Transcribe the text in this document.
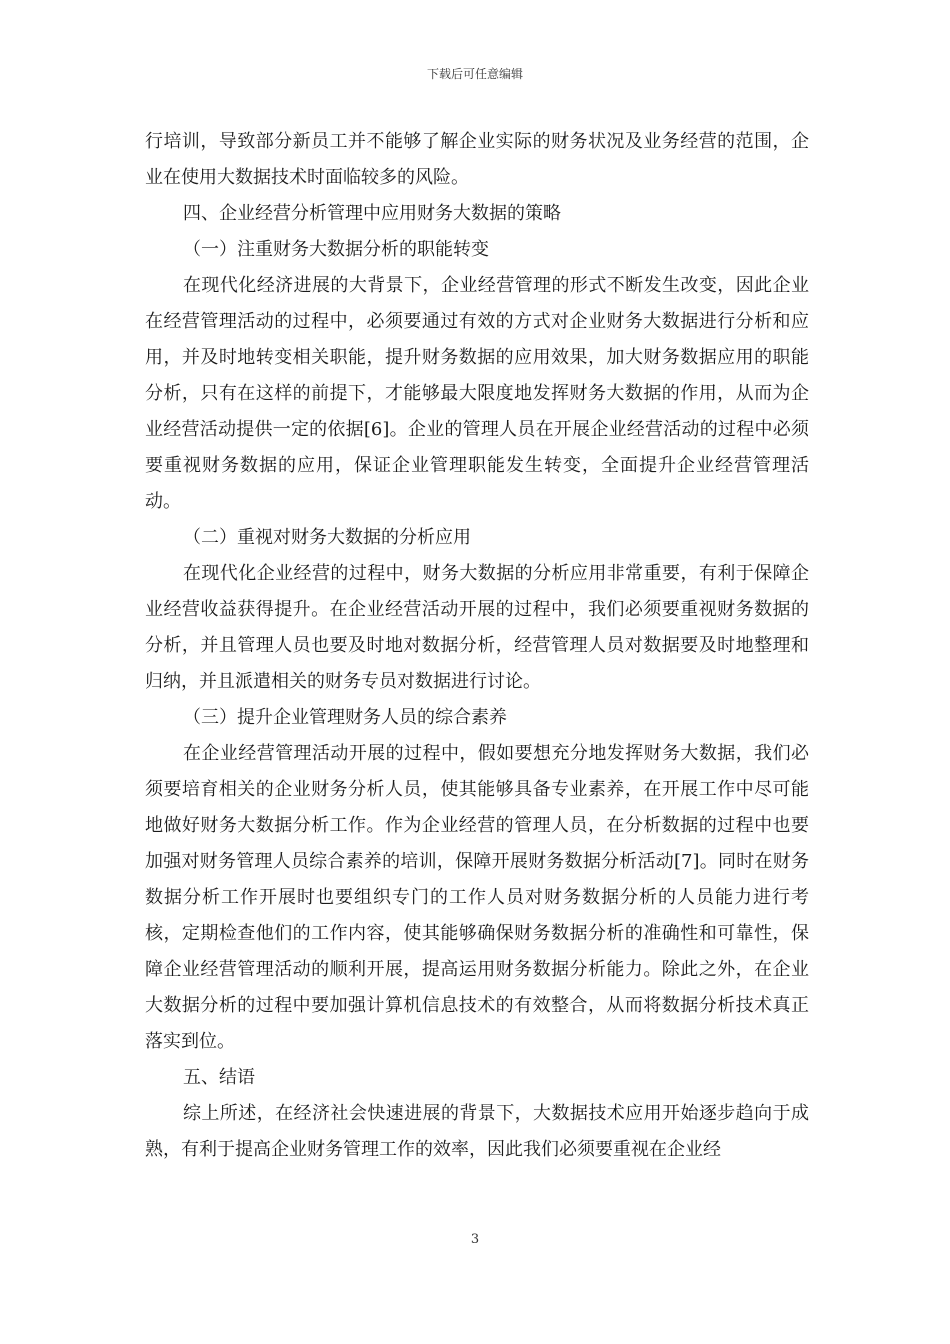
下载后可任意编辑

行培训，导致部分新员工并不能够了解企业实际的财务状况及业务经营的范围，企业在使用大数据技术时面临较多的风险。

四、企业经营分析管理中应用财务大数据的策略

（一）注重财务大数据分析的职能转变

在现代化经济进展的大背景下，企业经营管理的形式不断发生改变，因此企业在经营管理活动的过程中，必须要通过有效的方式对企业财务大数据进行分析和应用，并及时地转变相关职能，提升财务数据的应用效果，加大财务数据应用的职能分析，只有在这样的前提下，才能够最大限度地发挥财务大数据的作用，从而为企业经营活动提供一定的依据[6]。企业的管理人员在开展企业经营活动的过程中必须要重视财务数据的应用，保证企业管理职能发生转变，全面提升企业经营管理活动。

（二）重视对财务大数据的分析应用

在现代化企业经营的过程中，财务大数据的分析应用非常重要，有利于保障企业经营收益获得提升。在企业经营活动开展的过程中，我们必须要重视财务数据的分析，并且管理人员也要及时地对数据分析，经营管理人员对数据要及时地整理和归纳，并且派遣相关的财务专员对数据进行讨论。

（三）提升企业管理财务人员的综合素养

在企业经营管理活动开展的过程中，假如要想充分地发挥财务大数据，我们必须要培育相关的企业财务分析人员，使其能够具备专业素养，在开展工作中尽可能地做好财务大数据分析工作。作为企业经营的管理人员，在分析数据的过程中也要加强对财务管理人员综合素养的培训，保障开展财务数据分析活动[7]。同时在财务数据分析工作开展时也要组织专门的工作人员对财务数据分析的人员能力进行考核，定期检查他们的工作内容，使其能够确保财务数据分析的准确性和可靠性，保障企业经营管理活动的顺利开展，提高运用财务数据分析能力。除此之外，在企业大数据分析的过程中要加强计算机信息技术的有效整合，从而将数据分析技术真正落实到位。

五、结语

综上所述，在经济社会快速进展的背景下，大数据技术应用开始逐步趋向于成熟，有利于提高企业财务管理工作的效率，因此我们必须要重视在企业经

3
